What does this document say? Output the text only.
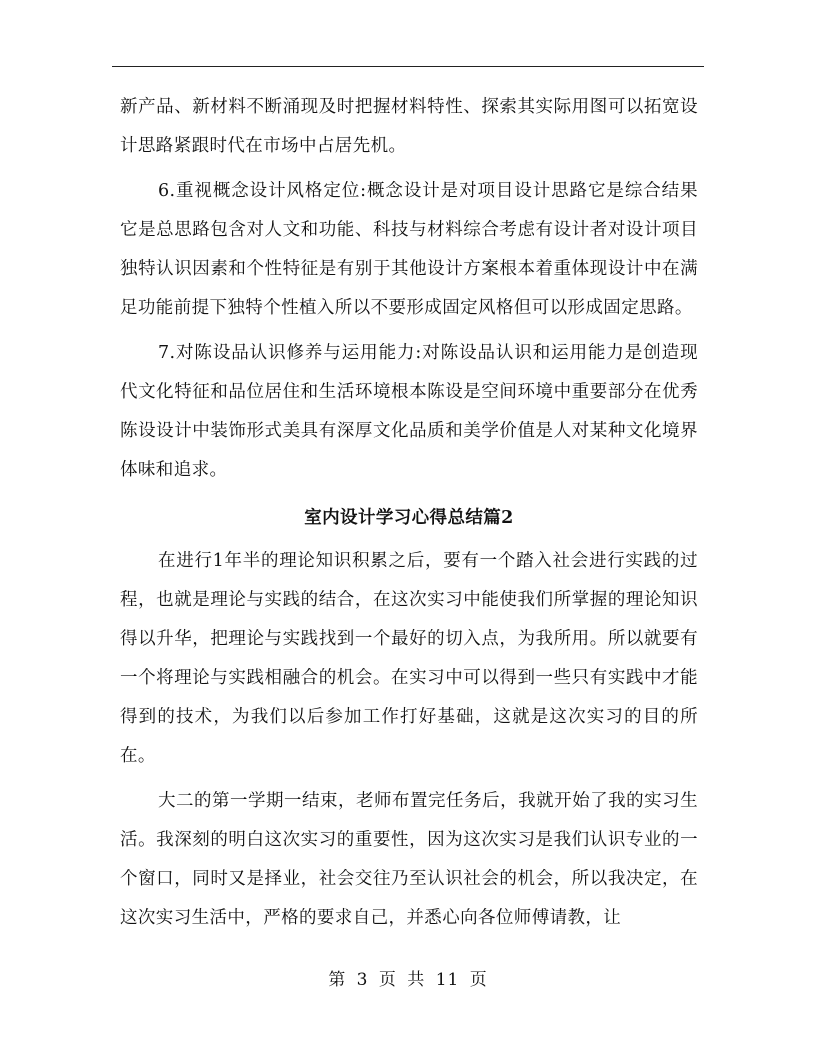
新产品、新材料不断涌现及时把握材料特性、探索其实际用图可以拓宽设计思路紧跟时代在市场中占居先机。

6.重视概念设计风格定位:概念设计是对项目设计思路它是综合结果它是总思路包含对人文和功能、科技与材料综合考虑有设计者对设计项目独特认识因素和个性特征是有别于其他设计方案根本着重体现设计中在满足功能前提下独特个性植入所以不要形成固定风格但可以形成固定思路。

7.对陈设品认识修养与运用能力:对陈设品认识和运用能力是创造现代文化特征和品位居住和生活环境根本陈设是空间环境中重要部分在优秀陈设设计中装饰形式美具有深厚文化品质和美学价值是人对某种文化境界体味和追求。

室内设计学习心得总结篇2

在进行1年半的理论知识积累之后，要有一个踏入社会进行实践的过程，也就是理论与实践的结合，在这次实习中能使我们所掌握的理论知识得以升华，把理论与实践找到一个最好的切入点，为我所用。所以就要有一个将理论与实践相融合的机会。在实习中可以得到一些只有实践中才能得到的技术，为我们以后参加工作打好基础，这就是这次实习的目的所在。

大二的第一学期一结束，老师布置完任务后，我就开始了我的实习生活。我深刻的明白这次实习的重要性，因为这次实习是我们认识专业的一个窗口，同时又是择业，社会交往乃至认识社会的机会，所以我决定，在这次实习生活中，严格的要求自己，并悉心向各位师傅请教，让

第 3 页 共 11 页
